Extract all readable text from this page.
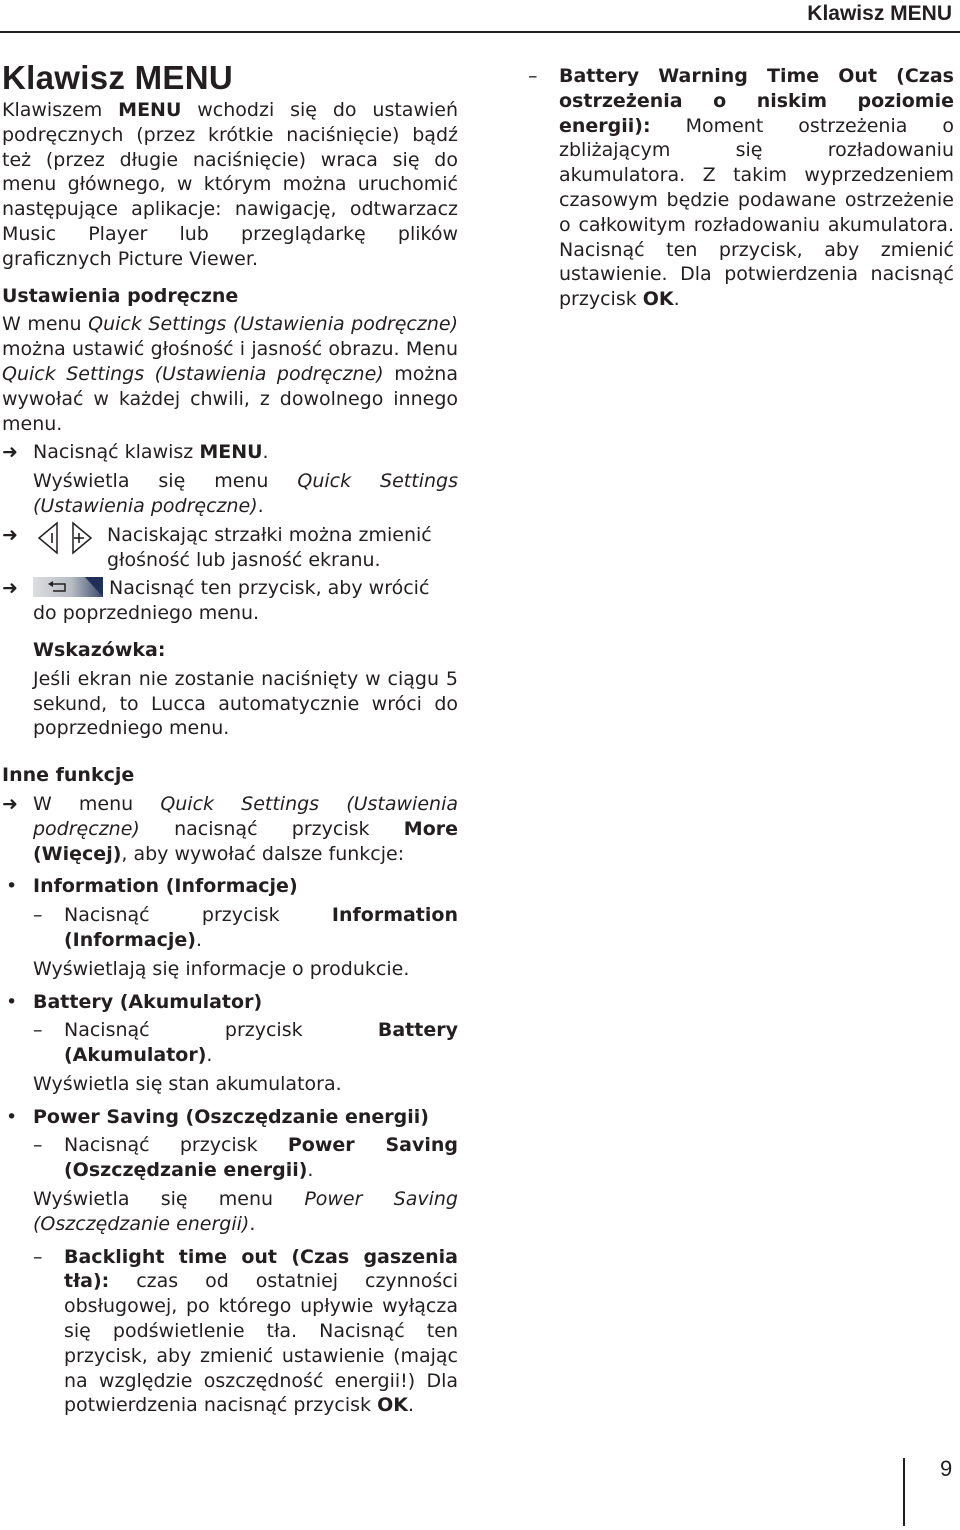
Klawisz MENU
Klawisz MENU

Klawiszem MENU wchodzi się do ustawień podręcznych (przez krótkie naciśnięcie) bądź też (przez długie naciśnięcie) wraca się do menu głównego, w którym można uruchomić następujące aplikacje: nawigację, odtwarzacz Music Player lub przeglądarkę plików graficznych Picture Viewer.

Ustawienia podręczne

W menu Quick Settings (Ustawienia podręczne) można ustawić głośność i jasność obrazu. Menu Quick Settings (Ustawienia podręczne) można wywołać w każdej chwili, z dowolnego innego menu.

➜ Nacisnąć klawisz MENU.
Wyświetla się menu Quick Settings (Ustawienia podręczne).
➜	Naciskając strzałki można zmienić głośność lub jasność ekranu.
➜	Nacisnąć ten przycisk, aby wrócić do poprzedniego menu.

Wskazówka:

Jeśli ekran nie zostanie naciśnięty w ciągu 5 sekund, to Lucca automatycznie wróci do poprzedniego menu.

Inne funkcje

➜ W menu Quick Settings (Ustawienia podręczne) nacisnąć przycisk More (Więcej), aby wywołać dalsze funkcje:
• Information (Informacje)
– Nacisnąć przycisk Information (Informacje).
Wyświetlają się informacje o produkcie.
• Battery (Akumulator)
– Nacisnąć przycisk Battery (Akumulator).
Wyświetla się stan akumulatora.
• Power Saving (Oszczędzanie energii)
– Nacisnąć przycisk Power Saving (Oszczędzanie energii).
Wyświetla się menu Power Saving (Oszczędzanie energii).
– Backlight time out (Czas gaszenia tła): czas od ostatniej czynności obsługowej, po którego upływie wyłącza się podświetlenie tła. Nacisnąć ten przycisk, aby zmienić ustawienie (mając na względzie oszczędność energii!) Dla potwierdzenia nacisnąć przycisk OK.
– Battery Warning Time Out (Czas ostrzeżenia o niskim poziomie energii): Moment ostrzeżenia o zbliżającym się rozładowaniu akumulatora. Z takim wyprzedzeniem czasowym będzie podawane ostrzeżenie o całkowitym rozładowaniu akumulatora. Nacisnąć ten przycisk, aby zmienić ustawienie. Dla potwierdzenia nacisnąć przycisk OK.
9
